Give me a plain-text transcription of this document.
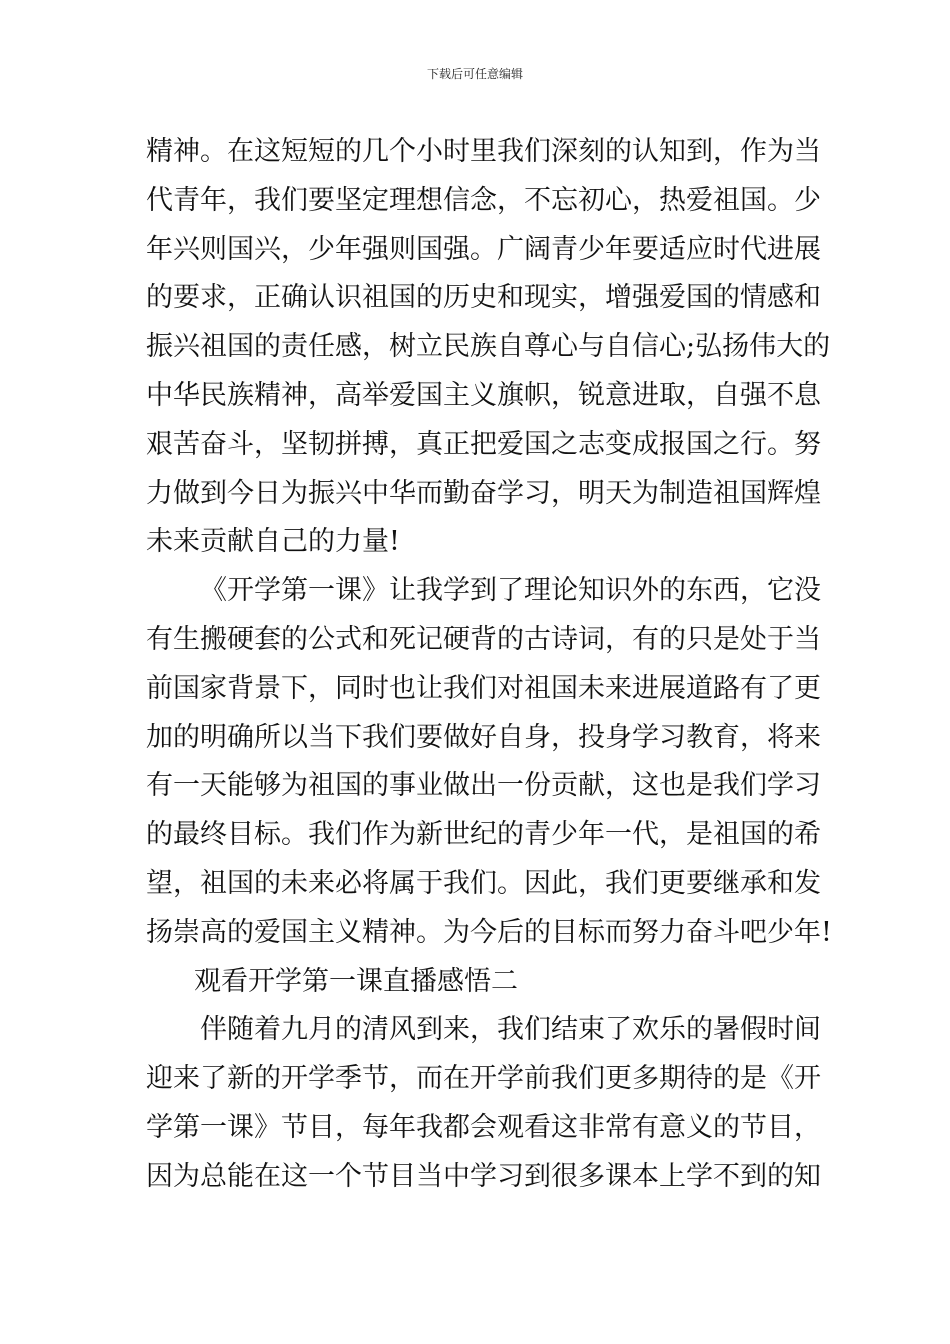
下载后可任意编辑
精神。在这短短的几个小时里我们深刻的认知到，作为当
代青年，我们要坚定理想信念，不忘初心，热爱祖国。少
年兴则国兴，少年强则国强。广阔青少年要适应时代进展
的要求，正确认识祖国的历史和现实，增强爱国的情感和
振兴祖国的责任感，树立民族自尊心与自信心;弘扬伟大的
中华民族精神，高举爱国主义旗帜，锐意进取，自强不息
艰苦奋斗，坚韧拼搏，真正把爱国之志变成报国之行。努
力做到今日为振兴中华而勤奋学习，明天为制造祖国辉煌
未来贡献自己的力量!
《开学第一课》让我学到了理论知识外的东西，它没
有生搬硬套的公式和死记硬背的古诗词，有的只是处于当
前国家背景下，同时也让我们对祖国未来进展道路有了更
加的明确所以当下我们要做好自身，投身学习教育，将来
有一天能够为祖国的事业做出一份贡献，这也是我们学习
的最终目标。我们作为新世纪的青少年一代，是祖国的希
望，祖国的未来必将属于我们。因此，我们更要继承和发
扬崇高的爱国主义精神。为今后的目标而努力奋斗吧少年!
观看开学第一课直播感悟二
伴随着九月的清风到来，我们结束了欢乐的暑假时间
迎来了新的开学季节，而在开学前我们更多期待的是《开
学第一课》节目，每年我都会观看这非常有意义的节目，
因为总能在这一个节目当中学习到很多课本上学不到的知
